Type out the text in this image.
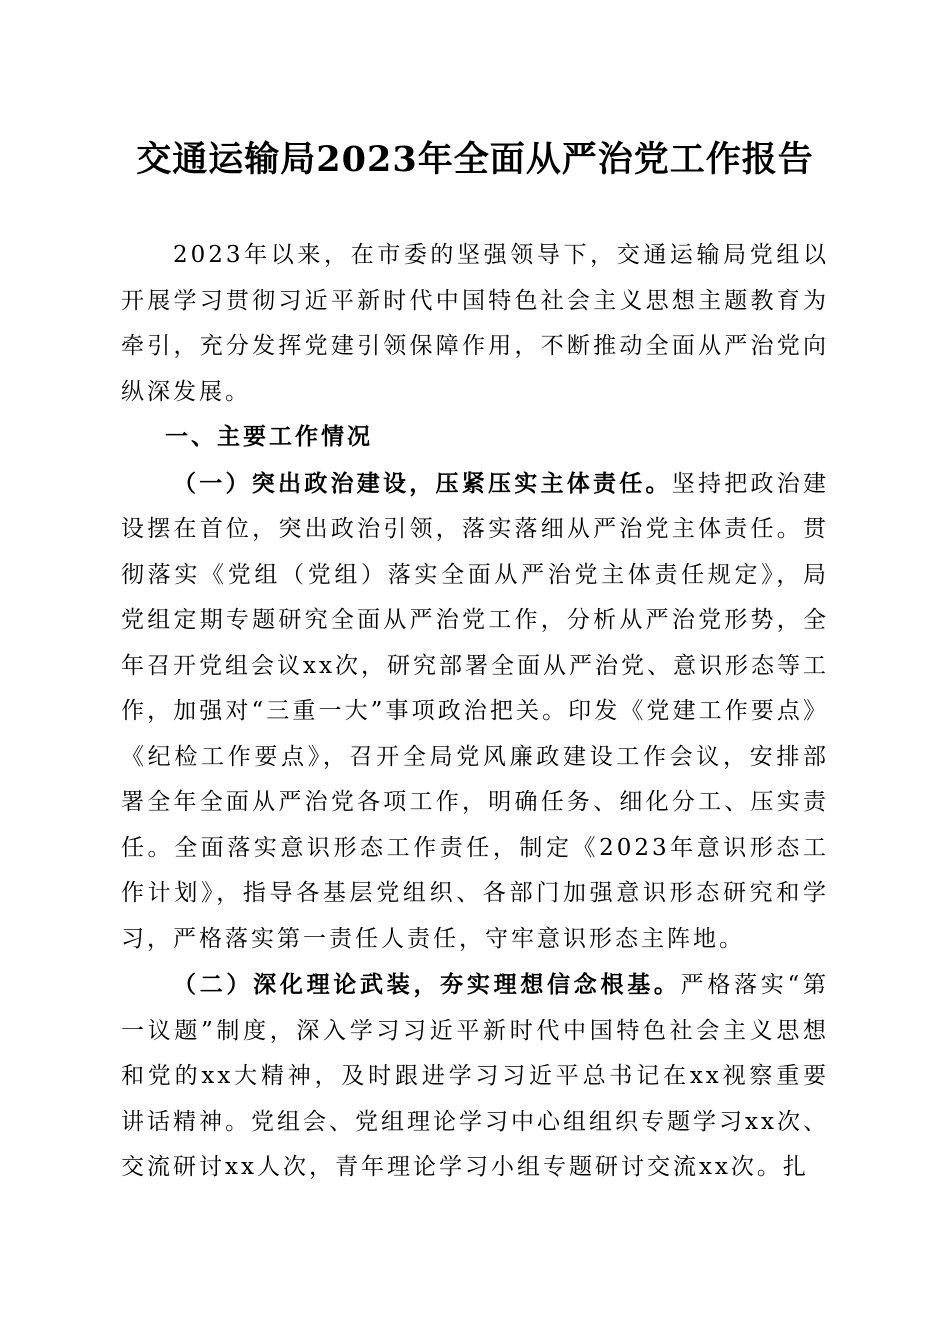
交通运输局2023年全面从严治党工作报告

2023年以来，在市委的坚强领导下，交通运输局党组以开展学习贯彻习近平新时代中国特色社会主义思想主题教育为牵引，充分发挥党建引领保障作用，不断推动全面从严治党向纵深发展。

一、主要工作情况

（一）突出政治建设，压紧压实主体责任。坚持把政治建设摆在首位，突出政治引领，落实落细从严治党主体责任。贯彻落实《党组（党组）落实全面从严治党主体责任规定》，局党组定期专题研究全面从严治党工作，分析从严治党形势，全年召开党组会议xx次，研究部署全面从严治党、意识形态等工作，加强对“三重一大”事项政治把关。印发《党建工作要点》《纪检工作要点》，召开全局党风廉政建设工作会议，安排部署全年全面从严治党各项工作，明确任务、细化分工、压实责任。全面落实意识形态工作责任，制定《2023年意识形态工作计划》，指导各基层党组织、各部门加强意识形态研究和学习，严格落实第一责任人责任，守牢意识形态主阵地。

（二）深化理论武装，夯实理想信念根基。严格落实“第一议题”制度，深入学习习近平新时代中国特色社会主义思想和党的xx大精神，及时跟进学习习近平总书记在xx视察重要讲话精神。党组会、党组理论学习中心组组织专题学习xx次、交流研讨xx人次，青年理论学习小组专题研讨交流xx次。扎
